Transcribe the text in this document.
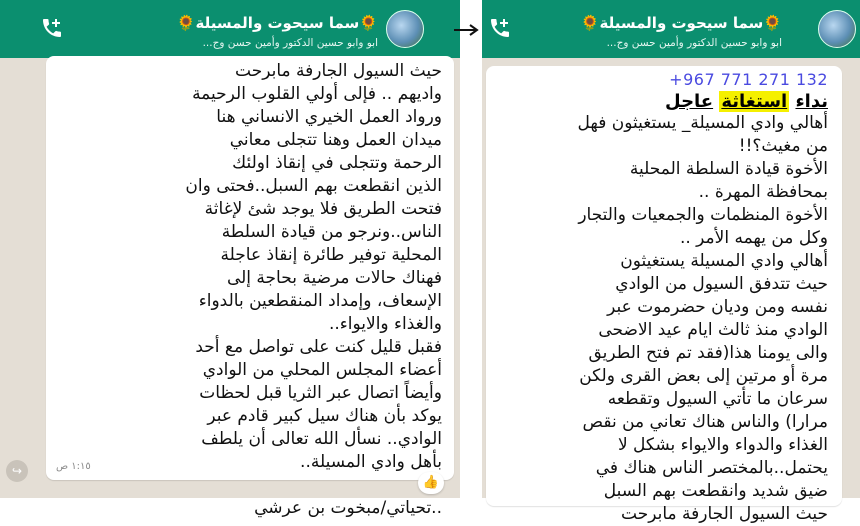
🌻سما سيحوت والمسيلة🌻
ابو وابو حسين الدكتور وأمين حسن وج...
حيث السيول الجارفة مابرحت
واديهم .. فإلى أولي القلوب الرحيمة
ورواد العمل الخيري الانساني هنا
ميدان العمل وهنا تتجلى معاني
الرحمة وتتجلى في إنقاذ اولئك
الذين انقطعت بهم السبل..فحتى وان
فتحت الطريق فلا يوجد شئ لإغاثة
الناس..ونرجو من قيادة السلطة
المحلية توفير طائرة إنقاذ عاجلة
فهناك حالات مرضية بحاجة إلى
الإسعاف، وإمداد المنقطعين بالدواء
والغذاء والايواء..
فقبل قليل كنت على تواصل مع أحد
أعضاء المجلس المحلي من الوادي
وأيضاً اتصال عبر الثريا قبل لحظات
يوكد بأن هناك سيل كبير قادم عبر
الوادي.. نسأل الله تعالى أن يلطف
بأهل وادي المسيلة..

..تحياتي/مبخوت بن عرشي
١:١٥ ص
↪
👍
🌻سما سيحوت والمسيلة🌻
ابو وابو حسين الدكتور وأمين حسن وج...
+967 771 271 132
نداء استغاثة عاجل
أهالي وادي المسيلة_ يستغيثون فهل
من مغيث؟!!
الأخوة قيادة السلطة المحلية
بمحافظة المهرة ..
الأخوة المنظمات والجمعيات والتجار
وكل من يهمه الأمر ..
أهالي وادي المسيلة يستغيثون
حيث تتدفق السيول من الوادي
نفسه ومن وديان حضرموت عبر
الوادي منذ ثالث ايام عيد الاضحى
والى يومنا هذا(فقد تم فتح الطريق
مرة أو مرتين إلى بعض القرى ولكن
سرعان ما تأتي السيول وتقطعه
مرارا) والناس هناك تعاني من نقص
الغذاء والدواء والايواء بشكل لا
يحتمل..بالمختصر الناس هناك في
ضيق شديد وانقطعت بهم السبل
حيث السيول الجارفة مابرحت
